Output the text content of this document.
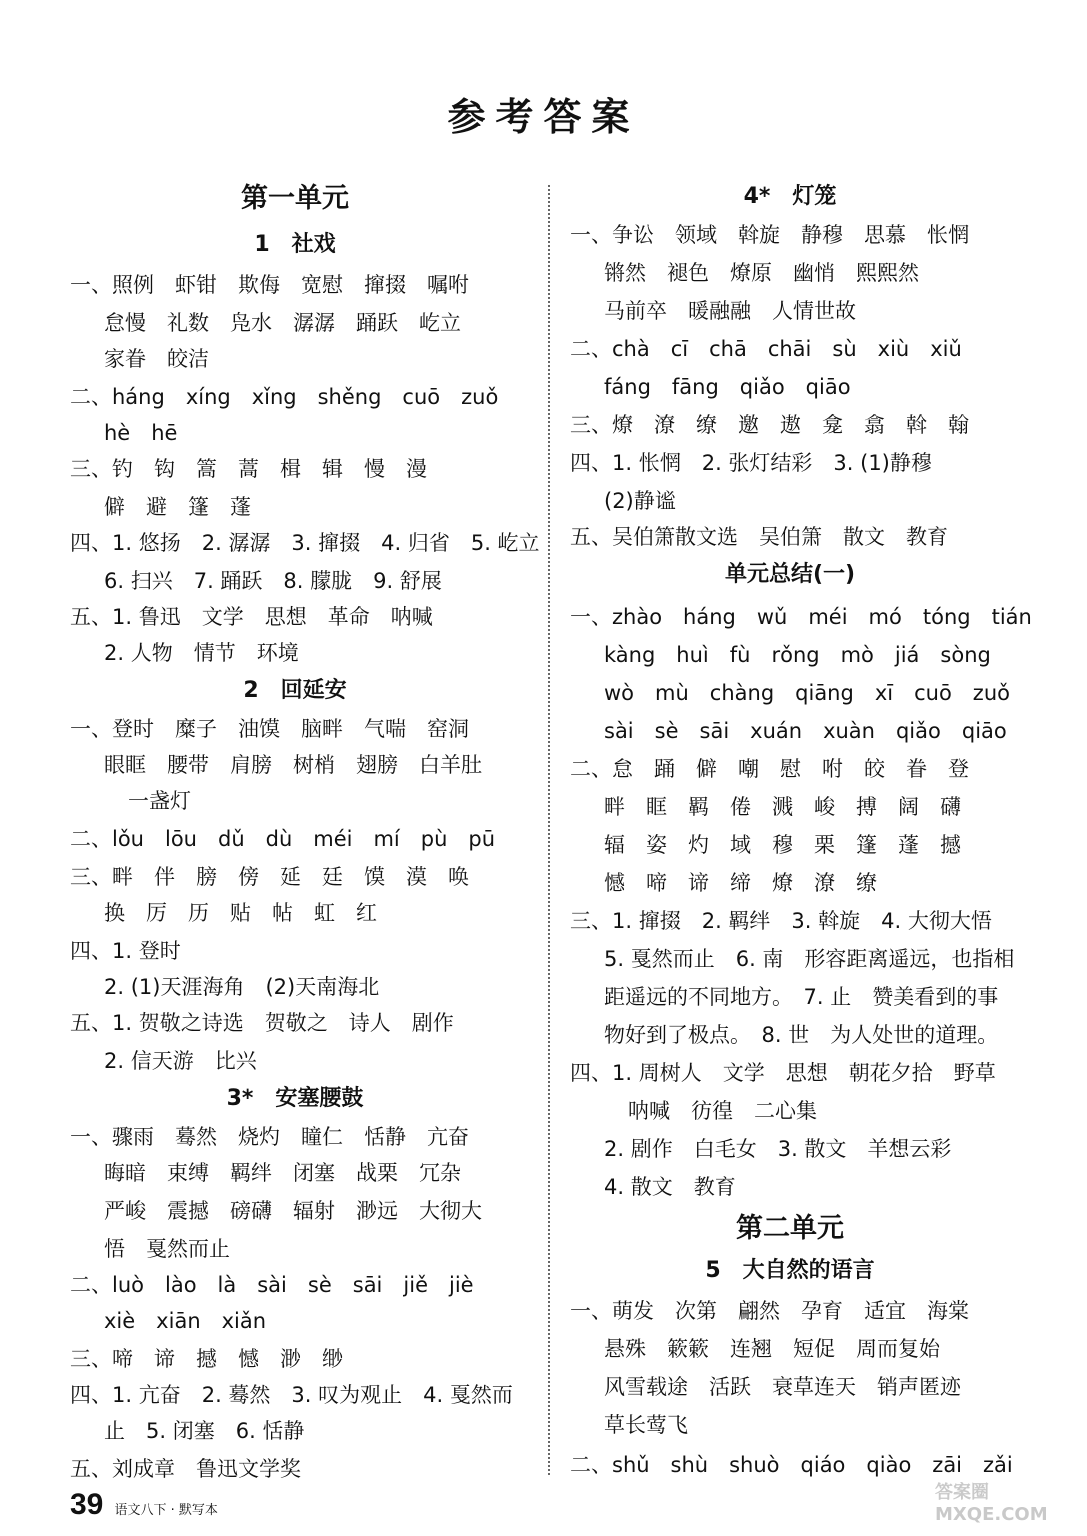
参考答案
第一单元
1　社戏
一、照例　虾钳　欺侮　宽慰　撺掇　嘱咐
怠慢　礼数　凫水　潺潺　踊跃　屹立
家眷　皎洁
二、háng　xíng　xǐng　shěng　cuō　zuǒ
hè　hē
三、钓　钩　篙　蒿　楫　辑　慢　漫
僻　避　篷　蓬
四、1. 悠扬　2. 潺潺　3. 撺掇　4. 归省　5. 屹立
6. 扫兴　7. 踊跃　8. 朦胧　9. 舒展
五、1. 鲁迅　文学　思想　革命　呐喊
2. 人物　情节　环境
2　回延安
一、登时　糜子　油馍　脑畔　气喘　窑洞
眼眶　腰带　肩膀　树梢　翅膀　白羊肚
一盏灯
二、lǒu　lōu　dǔ　dù　méi　mí　pù　pū
三、畔　伴　膀　傍　延　廷　馍　漠　唤
换　厉　历　贴　帖　虹　红
四、1. 登时
2. (1)天涯海角　(2)天南海北
五、1. 贺敬之诗选　贺敬之　诗人　剧作
2. 信天游　比兴
3*　安塞腰鼓
一、骤雨　蓦然　烧灼　瞳仁　恬静　亢奋
晦暗　束缚　羁绊　闭塞　战栗　冗杂
严峻　震撼　磅礴　辐射　渺远　大彻大
悟　戛然而止
二、luò　lào　là　sài　sè　sāi　jiě　jiè
xiè　xiān　xiǎn
三、啼　谛　撼　憾　渺　缈
四、1. 亢奋　2. 蓦然　3. 叹为观止　4. 戛然而
止　5. 闭塞　6. 恬静
五、刘成章　鲁迅文学奖
4*　灯笼
一、争讼　领域　斡旋　静穆　思慕　怅惘
锵然　褪色　燎原　幽悄　熙熙然
马前卒　暖融融　人情世故
二、chà　cī　chā　chāi　sù　xiù　xiǔ
fáng　fāng　qiǎo　qiāo
三、燎　潦　缭　邀　遨　龛　翕　斡　翰
四、1. 怅惘　2. 张灯结彩　3. (1)静穆
(2)静谧
五、吴伯箫散文选　吴伯箫　散文　教育
单元总结(一)
一、zhào　háng　wǔ　méi　mó　tóng　tián
kàng　huì　fù　rǒng　mò　jiá　sòng
wò　mù　chàng　qiāng　xī　cuō　zuǒ
sài　sè　sāi　xuán　xuàn　qiǎo　qiāo
二、怠　踊　僻　嘲　慰　咐　皎　眷　登
畔　眶　羁　倦　溅　峻　搏　阔　礴
辐　姿　灼　域　穆　栗　篷　蓬　撼
憾　啼　谛　缔　燎　潦　缭
三、1. 撺掇　2. 羁绊　3. 斡旋　4. 大彻大悟
5. 戛然而止　6. 南　形容距离遥远，也指相
距遥远的不同地方。　7. 止　赞美看到的事
物好到了极点。　8. 世　为人处世的道理。
四、1. 周树人　文学　思想　朝花夕拾　野草
呐喊　彷徨　二心集
2. 剧作　白毛女　3. 散文　羊想云彩
4. 散文　教育
第二单元
5　大自然的语言
一、萌发　次第　翩然　孕育　适宜　海棠
悬殊　簌簌　连翘　短促　周而复始
风雪载途　活跃　衰草连天　销声匿迹
草长莺飞
二、shǔ　shù　shuò　qiáo　qiào　zāi　zǎi
39 语文八下 · 默写本
答案圈 MXQE.COM
